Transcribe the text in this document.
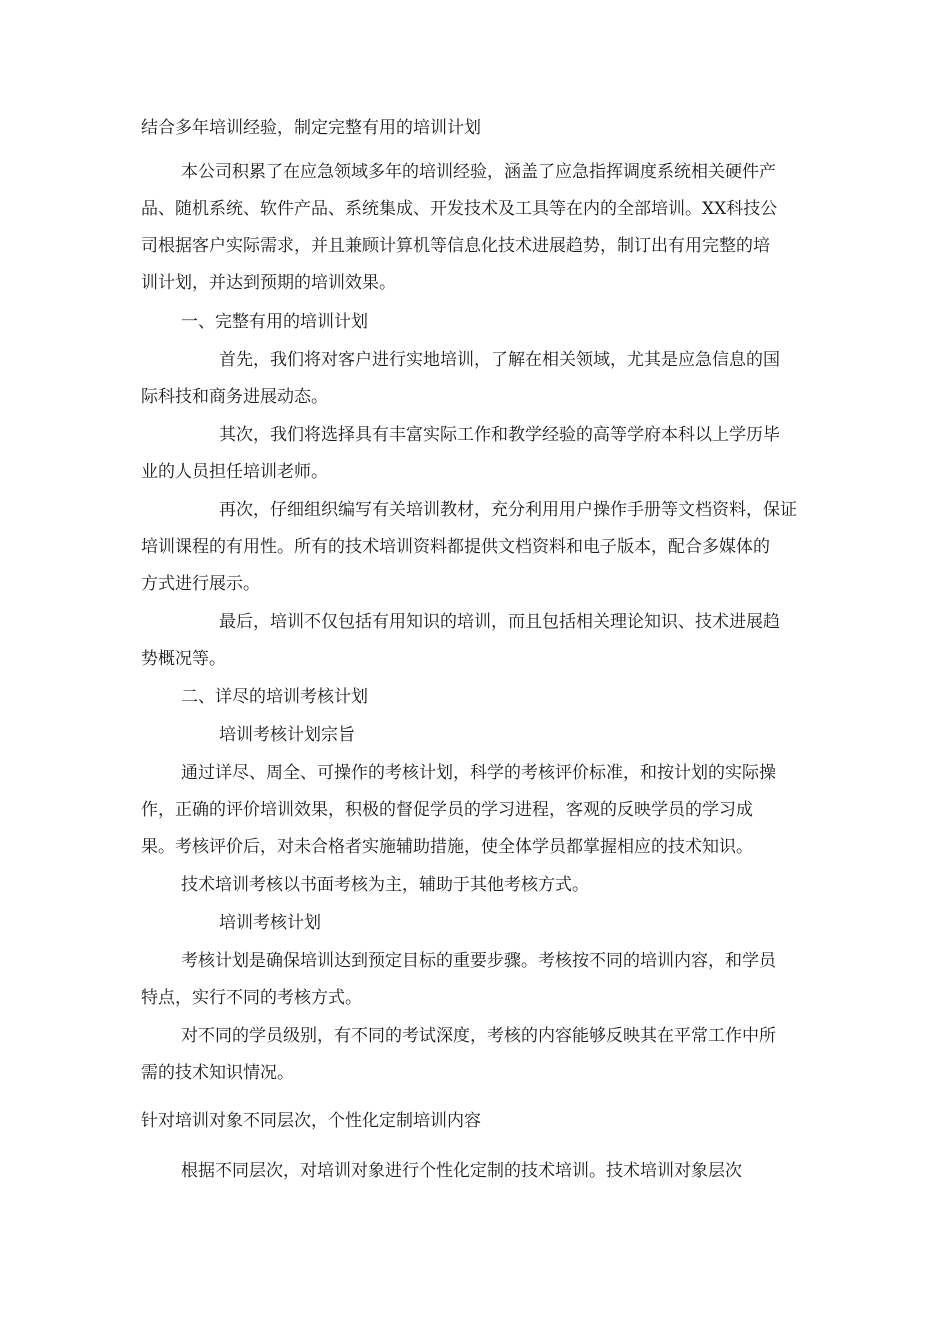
结合多年培训经验，制定完整有用的培训计划

本公司积累了在应急领域多年的培训经验，涵盖了应急指挥调度系统相关硬件产

品、随机系统、软件产品、系统集成、开发技术及工具等在内的全部培训。XX科技公

司根据客户实际需求，并且兼顾计算机等信息化技术进展趋势，制订出有用完整的培

训计划，并达到预期的培训效果。

一、完整有用的培训计划

首先，我们将对客户进行实地培训，了解在相关领域，尤其是应急信息的国

际科技和商务进展动态。

其次，我们将选择具有丰富实际工作和教学经验的高等学府本科以上学历毕

业的人员担任培训老师。

再次，仔细组织编写有关培训教材，充分利用用户操作手册等文档资料，保证

培训课程的有用性。所有的技术培训资料都提供文档资料和电子版本，配合多媒体的

方式进行展示。

最后，培训不仅包括有用知识的培训，而且包括相关理论知识、技术进展趋

势概况等。

二、详尽的培训考核计划

培训考核计划宗旨

通过详尽、周全、可操作的考核计划，科学的考核评价标准，和按计划的实际操

作，正确的评价培训效果，积极的督促学员的学习进程，客观的反映学员的学习成

果。考核评价后，对未合格者实施辅助措施，使全体学员都掌握相应的技术知识。

技术培训考核以书面考核为主，辅助于其他考核方式。

培训考核计划

考核计划是确保培训达到预定目标的重要步骤。考核按不同的培训内容，和学员

特点，实行不同的考核方式。

对不同的学员级别，有不同的考试深度，考核的内容能够反映其在平常工作中所

需的技术知识情况。

针对培训对象不同层次，个性化定制培训内容

根据不同层次，对培训对象进行个性化定制的技术培训。技术培训对象层次
